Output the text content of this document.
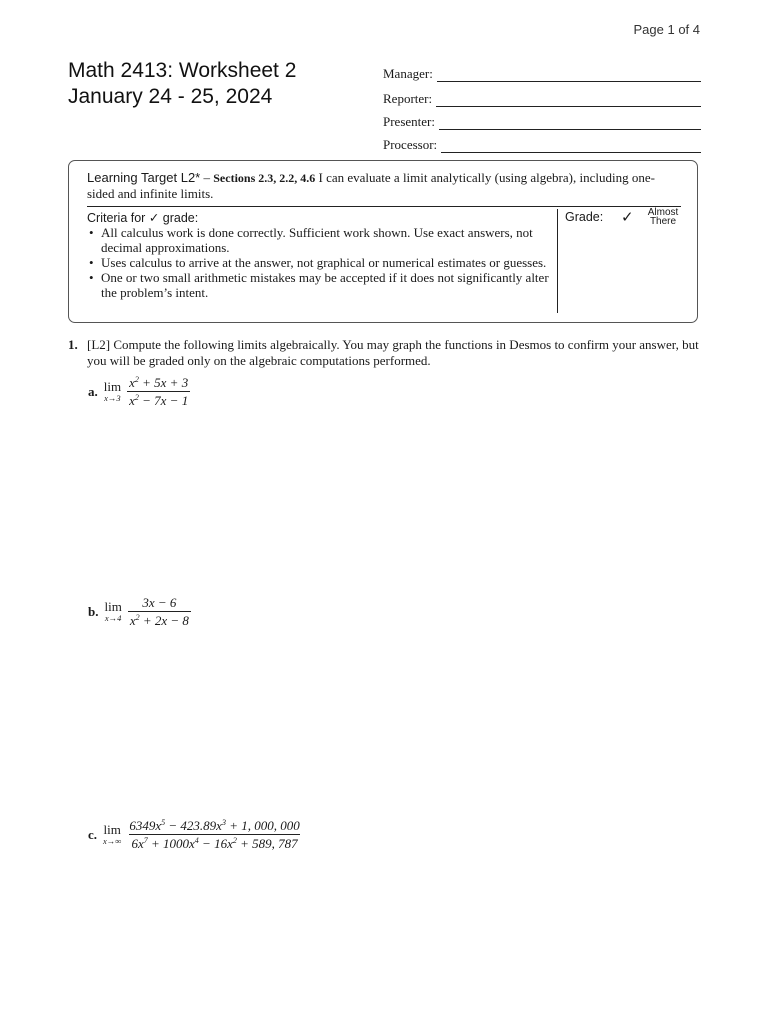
Page 1 of 4
Math 2413: Worksheet 2
January 24 - 25, 2024
Manager:
Reporter:
Presenter:
Processor:
Learning Target L2* – Sections 2.3, 2.2, 4.6 I can evaluate a limit analytically (using algebra), including one-sided and infinite limits.
Criteria for ✓ grade:
• All calculus work is done correctly. Sufficient work shown. Use exact answers, not decimal approximations.
• Uses calculus to arrive at the answer, not graphical or numerical estimates or guesses.
• One or two small arithmetic mistakes may be accepted if it does not significantly alter the problem’s intent.
Grade: ✓	Almost
There
1. [L2] Compute the following limits algebraically. You may graph the functions in Desmos to confirm your answer, but you will be graded only on the algebraic computations performed.
a. lim
$x\to 3 \frac{x^2 + 5x + 3}{x^2 - 7x - 1}$
b. lim
$x\to 4 \frac{3x - 6}{x^2 + 2x - 8}$
c. lim
$x\to\infty \frac{6349x^5 - 423.89x^3 + 1, 000, 000}{6x^7 + 1000x^4 - 16x^2 + 589, 787}$
